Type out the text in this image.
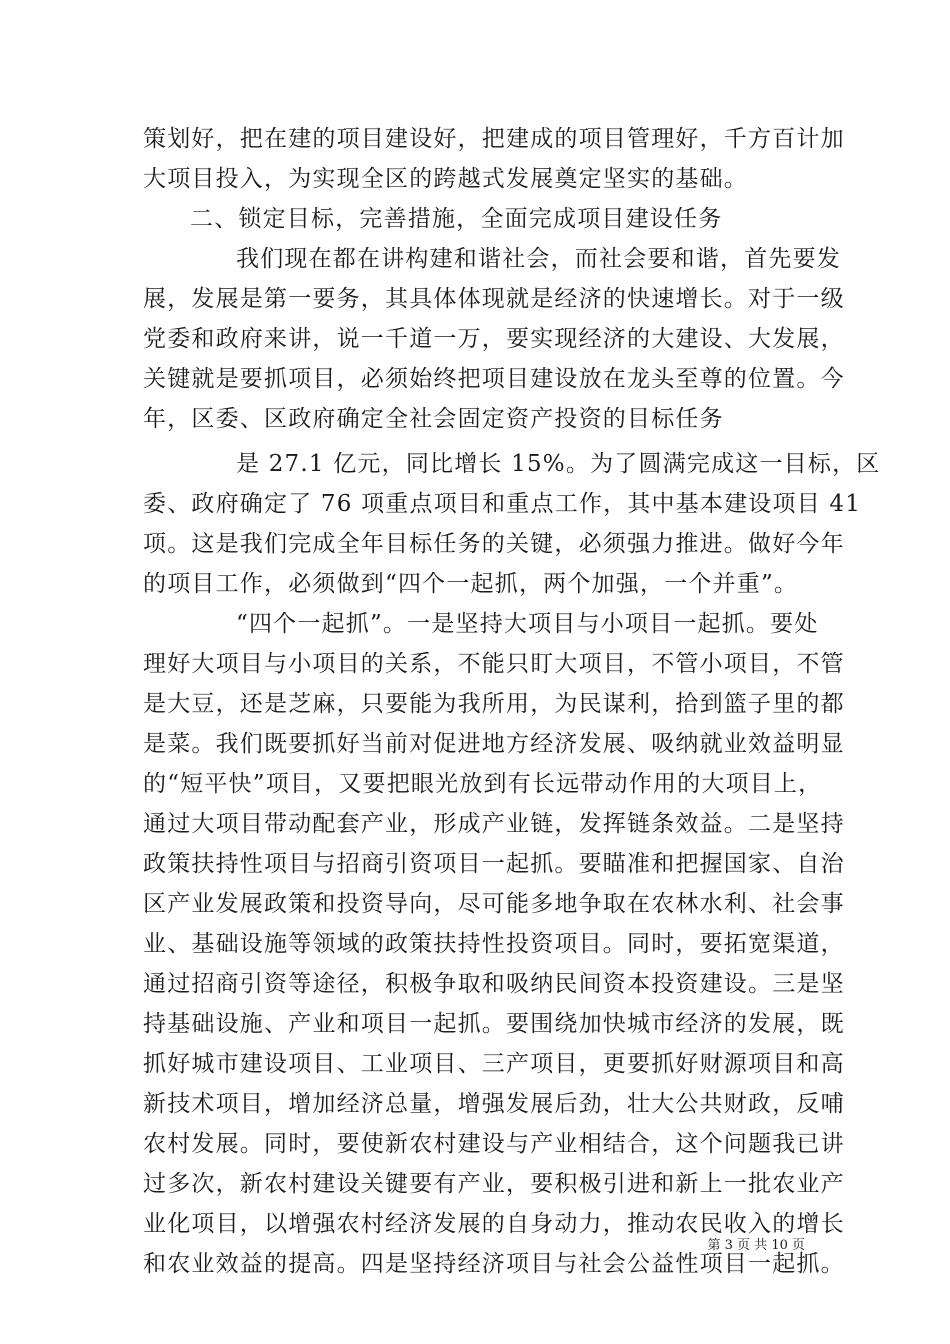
策划好，把在建的项目建设好，把建成的项目管理好，千方百计加
大项目投入，为实现全区的跨越式发展奠定坚实的基础。
二、锁定目标，完善措施，全面完成项目建设任务
我们现在都在讲构建和谐社会，而社会要和谐，首先要发
展，发展是第一要务，其具体体现就是经济的快速增长。对于一级
党委和政府来讲，说一千道一万，要实现经济的大建设、大发展，
关键就是要抓项目，必须始终把项目建设放在龙头至尊的位置。今
年，区委、区政府确定全社会固定资产投资的目标任务
是 27.1 亿元，同比增长 15%。为了圆满完成这一目标，区
委、政府确定了 76 项重点项目和重点工作，其中基本建设项目 41
项。这是我们完成全年目标任务的关键，必须强力推进。做好今年
的项目工作，必须做到“四个一起抓，两个加强，一个并重”。
“四个一起抓”。一是坚持大项目与小项目一起抓。要处
理好大项目与小项目的关系，不能只盯大项目，不管小项目，不管
是大豆，还是芝麻，只要能为我所用，为民谋利，拾到篮子里的都
是菜。我们既要抓好当前对促进地方经济发展、吸纳就业效益明显
的“短平快”项目，又要把眼光放到有长远带动作用的大项目上，
通过大项目带动配套产业，形成产业链，发挥链条效益。二是坚持
政策扶持性项目与招商引资项目一起抓。要瞄准和把握国家、自治
区产业发展政策和投资导向，尽可能多地争取在农林水利、社会事
业、基础设施等领域的政策扶持性投资项目。同时，要拓宽渠道，
通过招商引资等途径，积极争取和吸纳民间资本投资建设。三是坚
持基础设施、产业和项目一起抓。要围绕加快城市经济的发展，既
抓好城市建设项目、工业项目、三产项目，更要抓好财源项目和高
新技术项目，增加经济总量，增强发展后劲，壮大公共财政，反哺
农村发展。同时，要使新农村建设与产业相结合，这个问题我已讲
过多次，新农村建设关键要有产业，要积极引进和新上一批农业产
业化项目，以增强农村经济发展的自身动力，推动农民收入的增长
和农业效益的提高。四是坚持经济项目与社会公益性项目一起抓。
第 3 页 共 10 页
